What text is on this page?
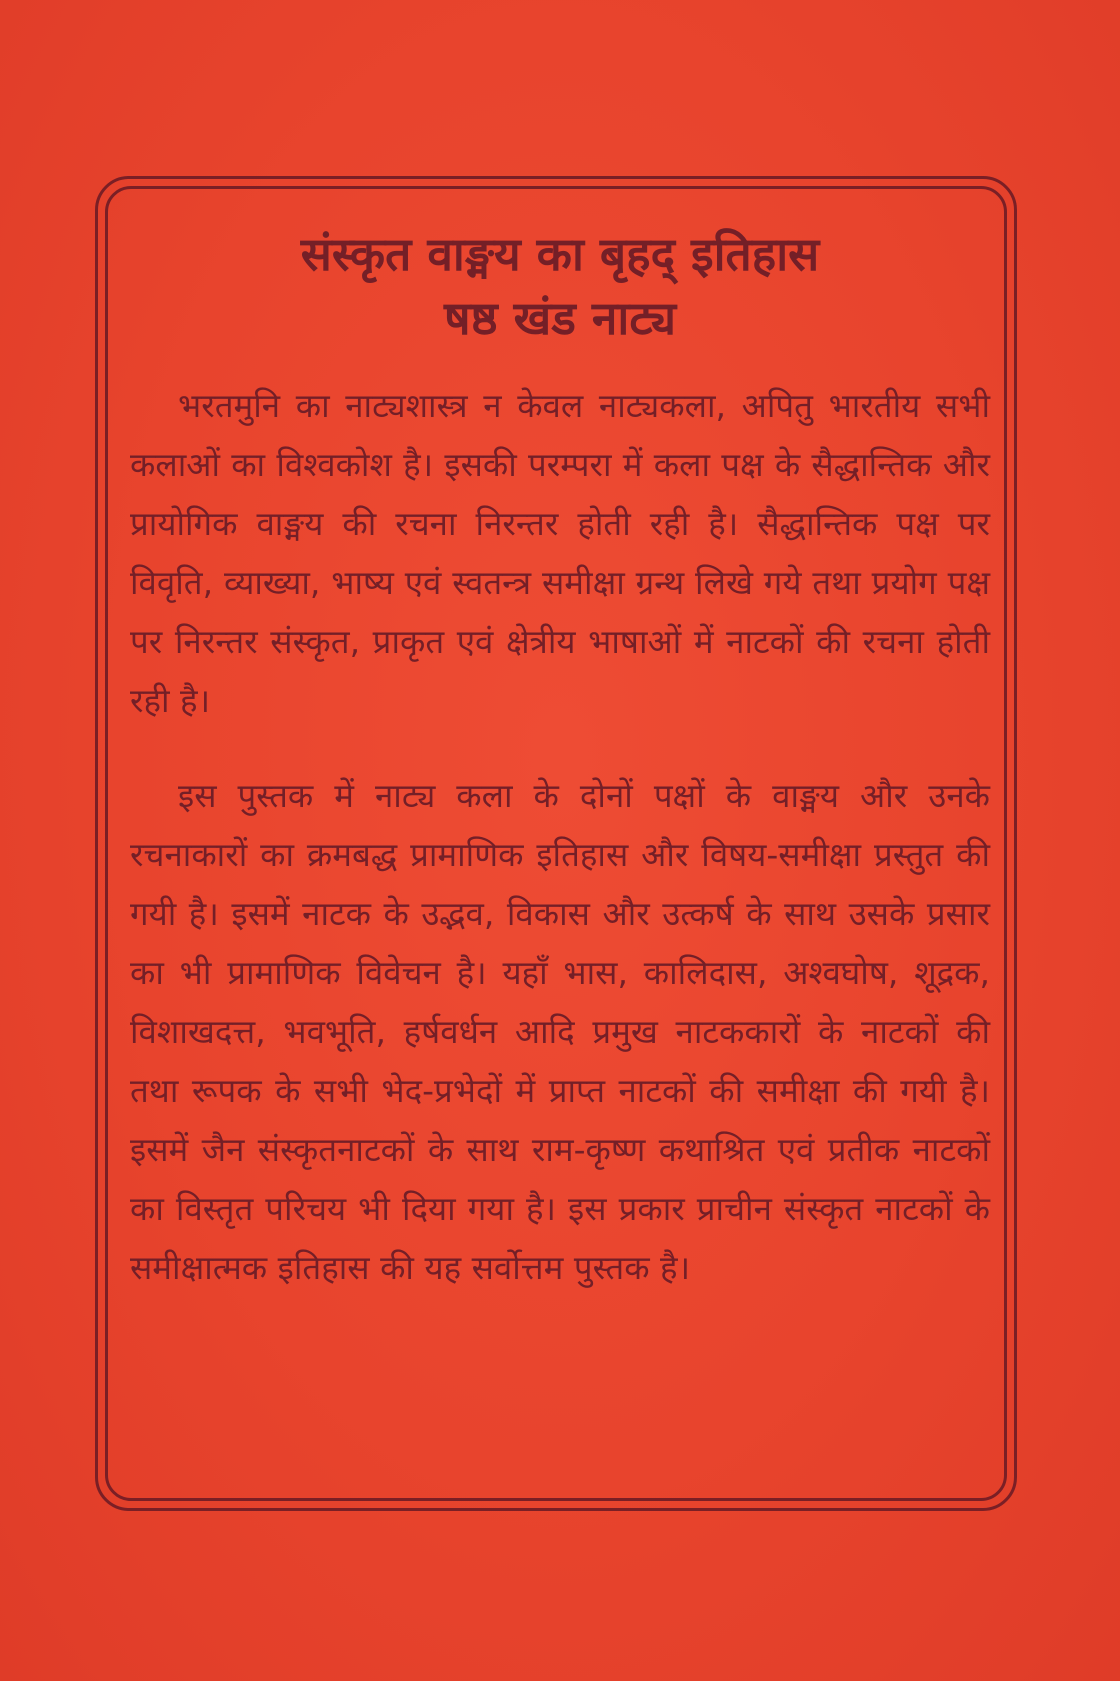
संस्कृत वाङ्मय का बृहद् इतिहास
षष्ठ खंड नाट्य

भरतमुनि का नाट्यशास्त्र न केवल नाट्यकला, अपितु भारतीय सभी कलाओं का विश्वकोश है। इसकी परम्परा में कला पक्ष के सैद्धान्तिक और प्रायोगिक वाङ्मय की रचना निरन्तर होती रही है। सैद्धान्तिक पक्ष पर विवृति, व्याख्या, भाष्य एवं स्वतन्त्र समीक्षा ग्रन्थ लिखे गये तथा प्रयोग पक्ष पर निरन्तर संस्कृत, प्राकृत एवं क्षेत्रीय भाषाओं में नाटकों की रचना होती रही है।

इस पुस्तक में नाट्य कला के दोनों पक्षों के वाङ्मय और उनके रचनाकारों का क्रमबद्ध प्रामाणिक इतिहास और विषय-समीक्षा प्रस्तुत की गयी है। इसमें नाटक के उद्भव, विकास और उत्कर्ष के साथ उसके प्रसार का भी प्रामाणिक विवेचन है। यहाँ भास, कालिदास, अश्वघोष, शूद्रक, विशाखदत्त, भवभूति, हर्षवर्धन आदि प्रमुख नाटककारों के नाटकों की तथा रूपक के सभी भेद-प्रभेदों में प्राप्त नाटकों की समीक्षा की गयी है। इसमें जैन संस्कृतनाटकों के साथ राम-कृष्ण कथाश्रित एवं प्रतीक नाटकों का विस्तृत परिचय भी दिया गया है। इस प्रकार प्राचीन संस्कृत नाटकों के समीक्षात्मक इतिहास की यह सर्वोत्तम पुस्तक है।
